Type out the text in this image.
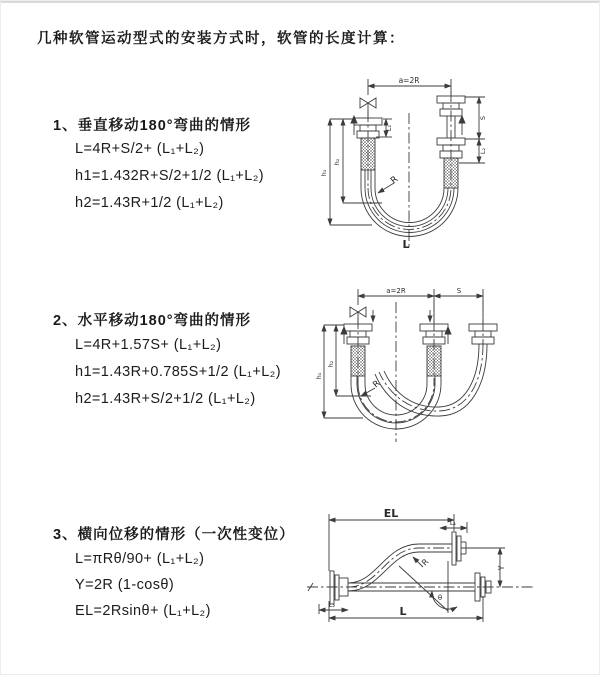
几种软管运动型式的安装方式时，软管的长度计算：
1、垂直移动180°弯曲的情形
L=4R+S/2+ (L₁+L₂)
h1=1.432R+S/2+1/2 (L₁+L₂)
h2=1.43R+1/2 (L₁+L₂)
2、水平移动180°弯曲的情形
L=4R+1.57S+ (L₁+L₂)
h1=1.43R+0.785S+1/2 (L₁+L₂)
h2=1.43R+S/2+1/2 (L₁+L₂)
3、横向位移的情形（一次性变位）
L=πRθ/90+ (L₁+L₂)
Y=2R (1-cosθ)
EL=2Rsinθ+ (L₁+L₂)
a=2R
L₁
S
L₂
h₁
h₂
R
L
a=2R	S
h₁
h₂
R
EL
L₁
Y
R
θ
L
L₂
